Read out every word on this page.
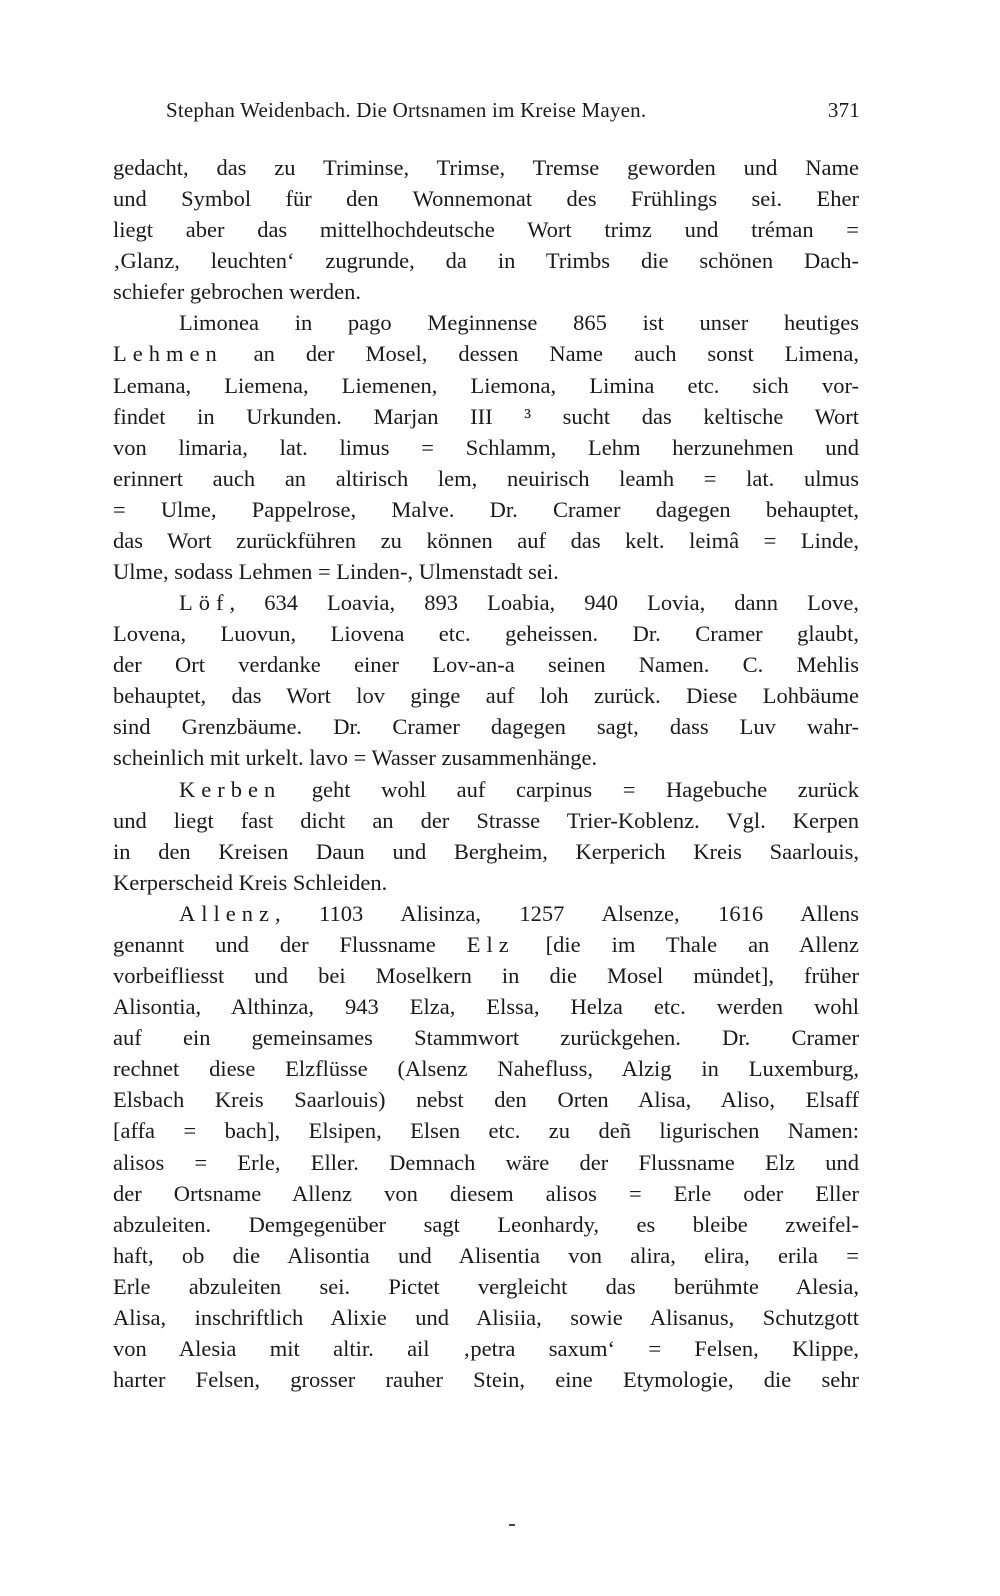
Stephan Weidenbach. Die Ortsnamen im Kreise Mayen.	371
gedacht, das zu Triminse, Trimse, Tremse geworden und Name
und Symbol für den Wonnemonat des Frühlings sei. Eher
liegt aber das mittelhochdeutsche Wort trimz und tréman =
‚Glanz, leuchten‘ zugrunde, da in Trimbs die schönen Dach-
schiefer gebrochen werden.
Limonea in pago Meginnense 865 ist unser heutiges
Lehmen an der Mosel, dessen Name auch sonst Limena,
Lemana, Liemena, Liemenen, Liemona, Limina etc. sich vor-
findet in Urkunden. Marjan III ³ sucht das keltische Wort
von limaria, lat. limus = Schlamm, Lehm herzunehmen und
erinnert auch an altirisch lem, neuirisch leamh = lat. ulmus
= Ulme, Pappelrose, Malve. Dr. Cramer dagegen behauptet,
das Wort zurückführen zu können auf das kelt. leimâ = Linde,
Ulme, sodass Lehmen = Linden-, Ulmenstadt sei.
Löf, 634 Loavia, 893 Loabia, 940 Lovia, dann Love,
Lovena, Luovun, Liovena etc. geheissen. Dr. Cramer glaubt,
der Ort verdanke einer Lov-an-a seinen Namen. C. Mehlis
behauptet, das Wort lov ginge auf loh zurück. Diese Lohbäume
sind Grenzbäume. Dr. Cramer dagegen sagt, dass Luv wahr-
scheinlich mit urkelt. lavo = Wasser zusammenhänge.
Kerben geht wohl auf carpinus = Hagebuche zurück
und liegt fast dicht an der Strasse Trier-Koblenz. Vgl. Kerpen
in den Kreisen Daun und Bergheim, Kerperich Kreis Saarlouis,
Kerperscheid Kreis Schleiden.
Allenz, 1103 Alisinza, 1257 Alsenze, 1616 Allens
genannt und der Flussname Elz [die im Thale an Allenz
vorbeifliesst und bei Moselkern in die Mosel mündet], früher
Alisontia, Althinza, 943 Elza, Elssa, Helza etc. werden wohl
auf ein gemeinsames Stammwort zurückgehen. Dr. Cramer
rechnet diese Elzflüsse (Alsenz Nahefluss, Alzig in Luxemburg,
Elsbach Kreis Saarlouis) nebst den Orten Alisa, Aliso, Elsaff
[affa = bach], Elsipen, Elsen etc. zu deñ ligurischen Namen:
alisos = Erle, Eller. Demnach wäre der Flussname Elz und
der Ortsname Allenz von diesem alisos = Erle oder Eller
abzuleiten. Demgegenüber sagt Leonhardy, es bleibe zweifel-
haft, ob die Alisontia und Alisentia von alira, elira, erila =
Erle abzuleiten sei. Pictet vergleicht das berühmte Alesia,
Alisa, inschriftlich Alixie und Alisiia, sowie Alisanus, Schutzgott
von Alesia mit altir. ail ‚petra saxum‘ = Felsen, Klippe,
harter Felsen, grosser rauher Stein, eine Etymologie, die sehr
